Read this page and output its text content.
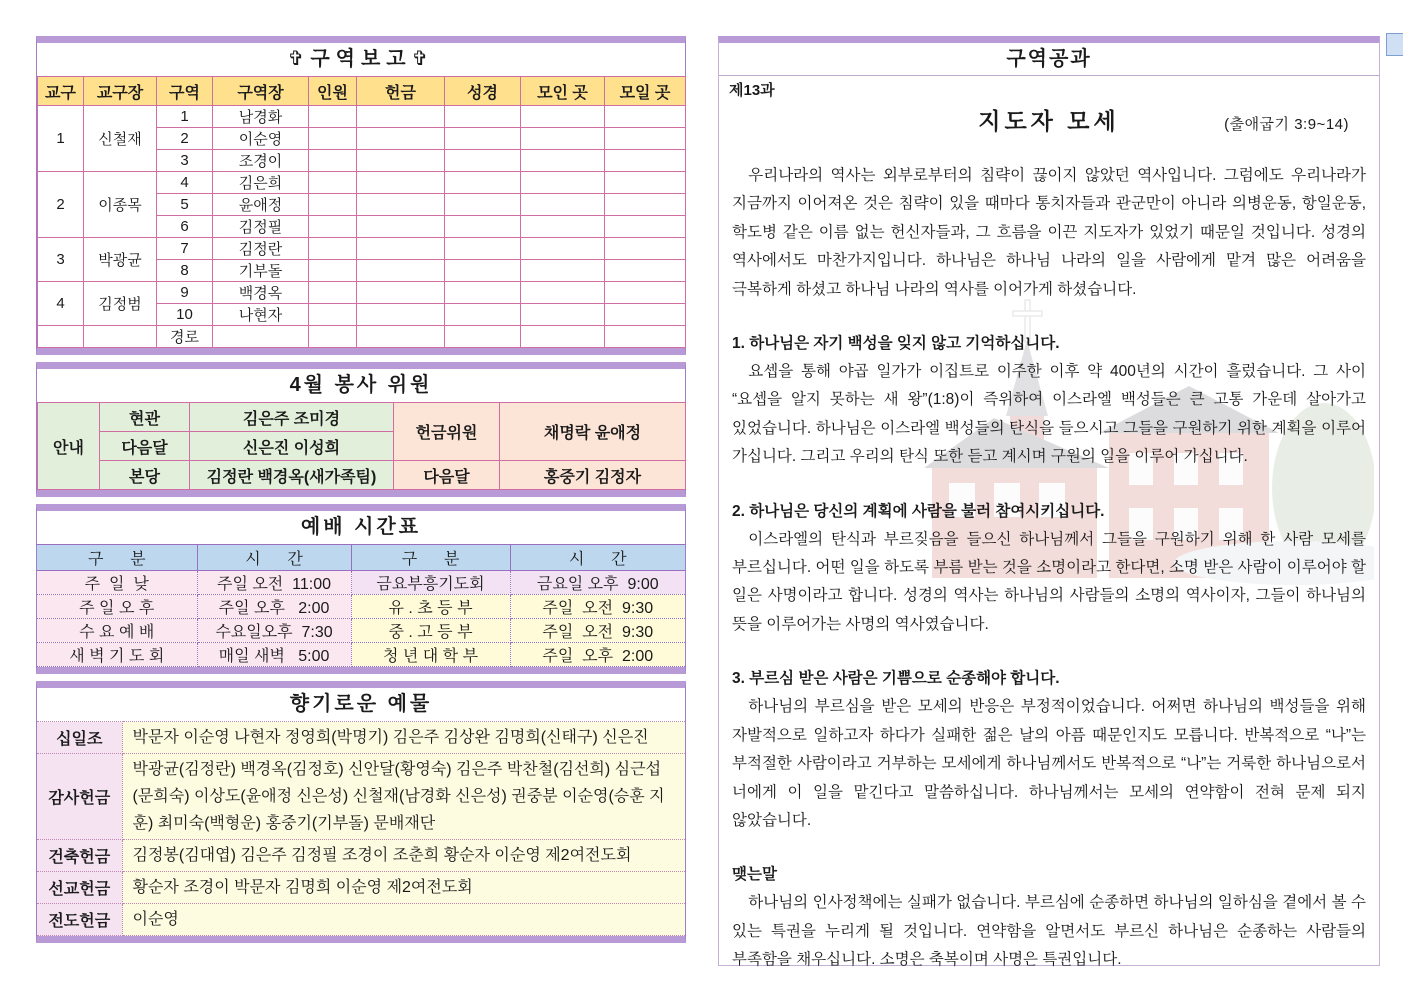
✞구역보고✞
교구	교구장	구역	구역장	인원	헌금	성경	모인 곳	모일 곳
1	신철재	1	남경화					
		2	이순영					
		3	조경이					
2	이종목	4	김은희					
		5	윤애정					
		6	김정필					
3	박광균	7	김정란					
		8	기부돌					
4	김정범	9	백경옥					
		10	나현자					
		경로						
4월 봉사 위원
안내	현관	김은주 조미경	헌금위원	채명락 윤애정
	다음달	신은진 이성희		
	본당	김정란 백경옥(새가족팀)	다음달	홍중기 김정자
예배 시간표
구      분	시      간	구      분	시      간
주  일  낮	주일 오전  11:00	금요부흥기도회	금요일 오후  9:00
주 일 오 후	주일 오후   2:00	유 . 초 등 부	주일  오전  9:30
수 요 예 배	수요일오후  7:30	중 . 고 등 부	주일  오전  9:30
새 벽 기 도 회	매일 새벽   5:00	청 년 대 학 부	주일  오후  2:00
향기로운 예물
십일조	박문자 이순영 나현자 정영희(박명기) 김은주 김상완 김명희(신태구) 신은진
감사헌금	박광균(김정란) 백경옥(김정호) 신안달(황영숙) 김은주 박찬철(김선희) 심근섭(문희숙) 이상도(윤애정 신은성) 신철재(남경화 신은성) 권중분 이순영(승훈 지훈) 최미숙(백형운) 홍중기(기부돌) 문배재단
건축헌금	김정봉(김대엽) 김은주 김정필 조경이 조춘희 황순자 이순영 제2여전도회
선교헌금	황순자 조경이 박문자 김명희 이순영 제2여전도회
전도헌금	이순영
구역공과
제13과
지도자 모세	(출애굽기 3:9~14)

우리나라의 역사는 외부로부터의 침략이 끊이지 않았던 역사입니다. 그럼에도 우리나라가 지금까지 이어져온 것은 침략이 있을 때마다 통치자들과 관군만이 아니라 의병운동, 항일운동, 학도병 같은 이름 없는 헌신자들과, 그 흐름을 이끈 지도자가 있었기 때문일 것입니다. 성경의 역사에서도 마찬가지입니다. 하나님은 하나님 나라의 일을 사람에게 맡겨 많은 어려움을 극복하게 하셨고 하나님 나라의 역사를 이어가게 하셨습니다.

1. 하나님은 자기 백성을 잊지 않고 기억하십니다.

요셉을 통해 야곱 일가가 이집트로 이주한 이후 약 400년의 시간이 흘렀습니다. 그 사이 “요셉을 알지 못하는 새 왕”(1:8)이 즉위하여 이스라엘 백성들은 큰 고통 가운데 살아가고 있었습니다. 하나님은 이스라엘 백성들의 탄식을 들으시고 그들을 구원하기 위한 계획을 이루어 가십니다. 그리고 우리의 탄식 또한 듣고 계시며 구원의 일을 이루어 가십니다.

2. 하나님은 당신의 계획에 사람을 불러 참여시키십니다.

이스라엘의 탄식과 부르짖음을 들으신 하나님께서 그들을 구원하기 위해 한 사람 모세를 부르십니다. 어떤 일을 하도록 부름 받는 것을 소명이라고 한다면, 소명 받은 사람이 이루어야 할 일은 사명이라고 합니다. 성경의 역사는 하나님의 사람들의 소명의 역사이자, 그들이 하나님의 뜻을 이루어가는 사명의 역사였습니다.

3. 부르심 받은 사람은 기쁨으로 순종해야 합니다.

하나님의 부르심을 받은 모세의 반응은 부정적이었습니다. 어쩌면 하나님의 백성들을 위해 자발적으로 일하고자 하다가 실패한 젊은 날의 아픔 때문인지도 모릅니다. 반복적으로 “나”는 부적절한 사람이라고 거부하는 모세에게 하나님께서도 반복적으로 “나”는 거룩한 하나님으로서 너에게 이 일을 맡긴다고 말씀하십니다. 하나님께서는 모세의 연약함이 전혀 문제 되지 않았습니다.

맺는말

하나님의 인사정책에는 실패가 없습니다. 부르심에 순종하면 하나님의 일하심을 곁에서 볼 수 있는 특권을 누리게 될 것입니다. 연약함을 알면서도 부르신 하나님은 순종하는 사람들의 부족함을 채우십니다. 소명은 축복이며 사명은 특권입니다.
